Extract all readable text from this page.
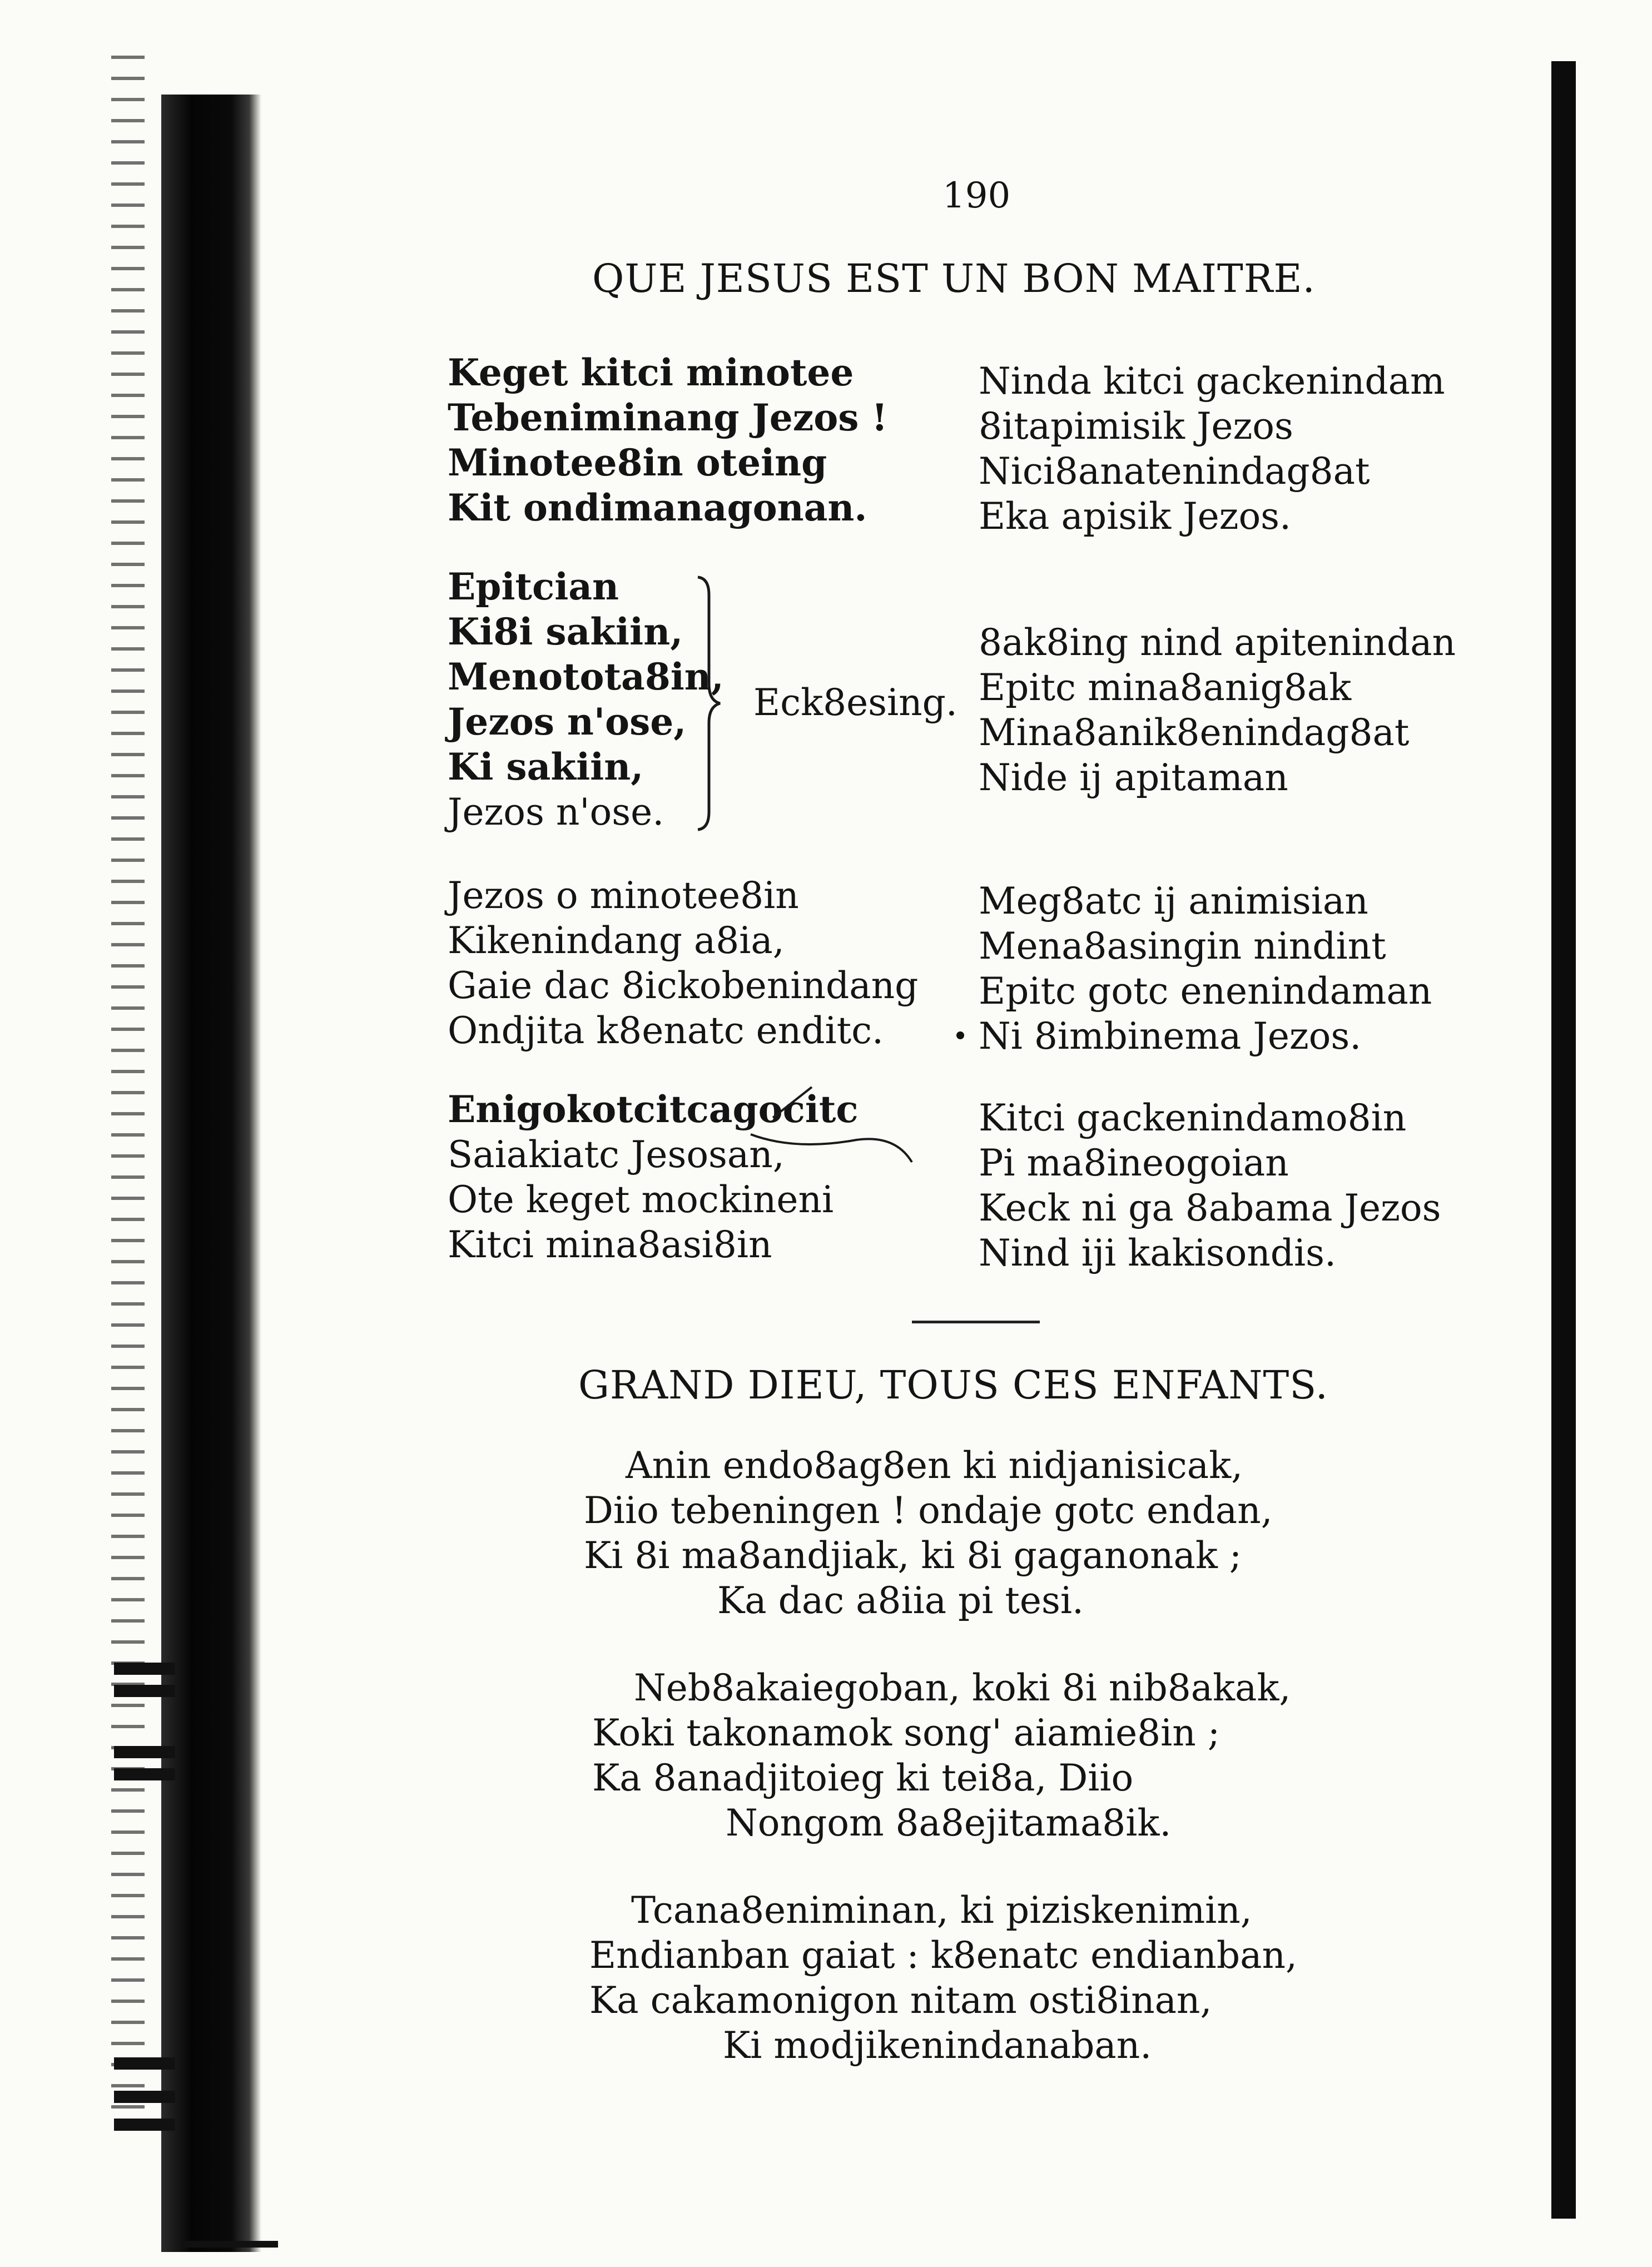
190
QUE JESUS EST UN BON MAITRE.
Keget kitci minotee
Tebeniminang Jezos !
Minotee8in oteing
Kit ondimanagonan.
Ninda kitci gackenindam
8itapimisik Jezos
Nici8anatenindag8at
Eka apisik Jezos.
Epitcian
Ki8i sakiin,
Menotota8in,
Jezos n'ose,
Ki sakiin,
Jezos n'ose.
Eck8esing.
8ak8ing nind apitenindan
Epitc mina8anig8ak
Mina8anik8enindag8at
Nide ij apitaman
Jezos o minotee8in
Kikenindang a8ia,
Gaie dac 8ickobenindang
Ondjita k8enatc enditc.
Meg8atc ij animisian
Mena8asingin nindint
Epitc gotc enenindaman
Ni 8imbinema Jezos.
Enigokotcitcagocitc
Saiakiatc Jesosan,
Ote keget mockineni
Kitci mina8asi8in
Kitci gackenindamo8in
Pi ma8ineogoian
Keck ni ga 8abama Jezos
Nind iji kakisondis.
GRAND DIEU, TOUS CES ENFANTS.
Anin endo8ag8en ki nidjanisicak,
Diio tebeningen ! ondaje gotc endan,
Ki 8i ma8andjiak, ki 8i gaganonak ;
Ka dac a8iia pi tesi.
Neb8akaiegoban, koki 8i nib8akak,
Koki takonamok song' aiamie8in ;
Ka 8anadjitoieg ki tei8a, Diio
Nongom 8a8ejitama8ik.
Tcana8eniminan, ki piziskenimin,
Endianban gaiat : k8enatc endianban,
Ka cakamonigon nitam osti8inan,
Ki modjikenindanaban.
